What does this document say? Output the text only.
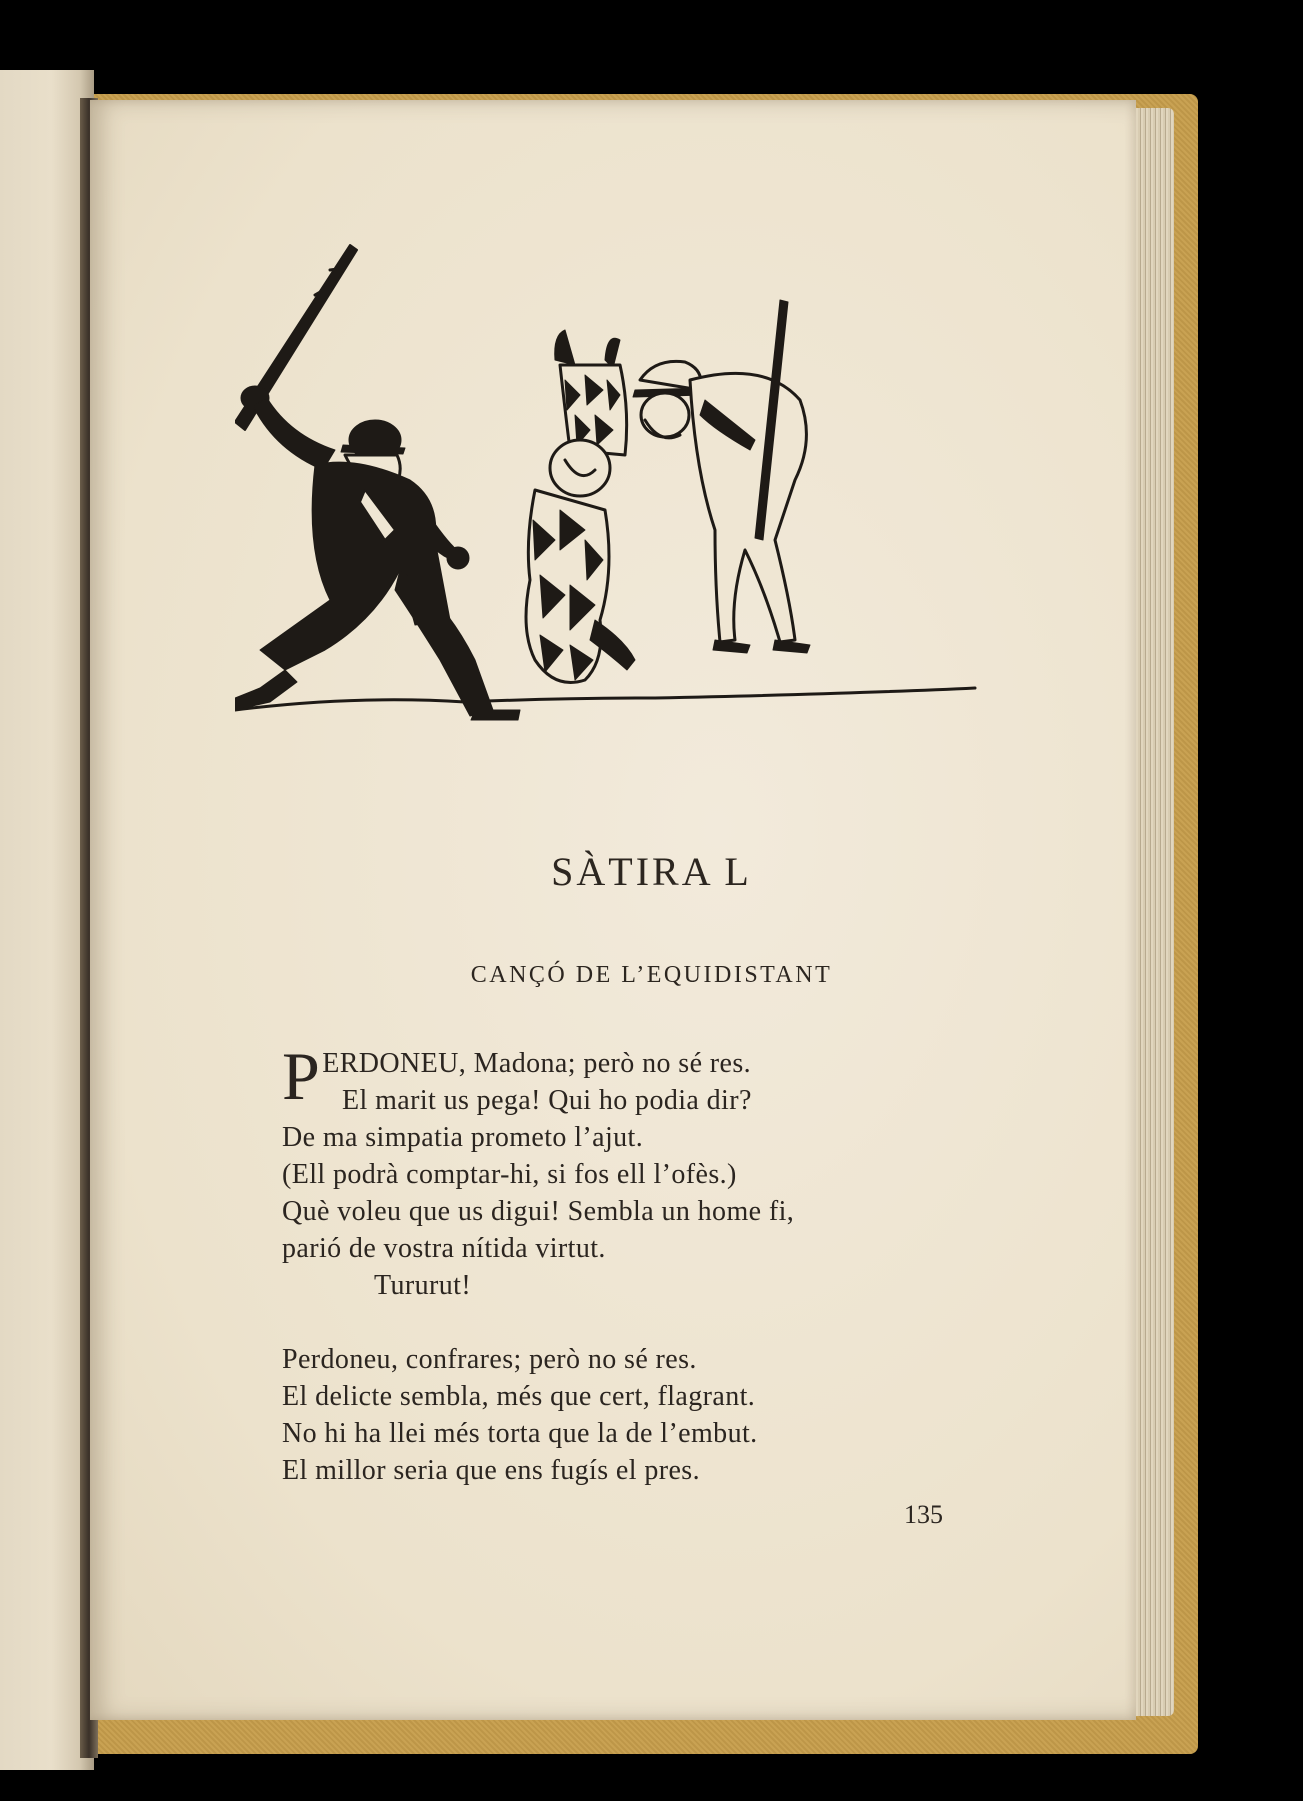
SÀTIRA L
CANÇÓ DE L’EQUIDISTANT
P ERDONEU, Madona; però no sé res.
El marit us pega! Qui ho podia dir?
De ma simpatia prometo l’ajut.
(Ell podrà comptar-hi, si fos ell l’ofès.)
Què voleu que us digui! Sembla un home fi,
parió de vostra nítida virtut.
Tururut!
Perdoneu, confrares; però no sé res.
El delicte sembla, més que cert, flagrant.
No hi ha llei més torta que la de l’embut.
El millor seria que ens fugís el pres.
135
